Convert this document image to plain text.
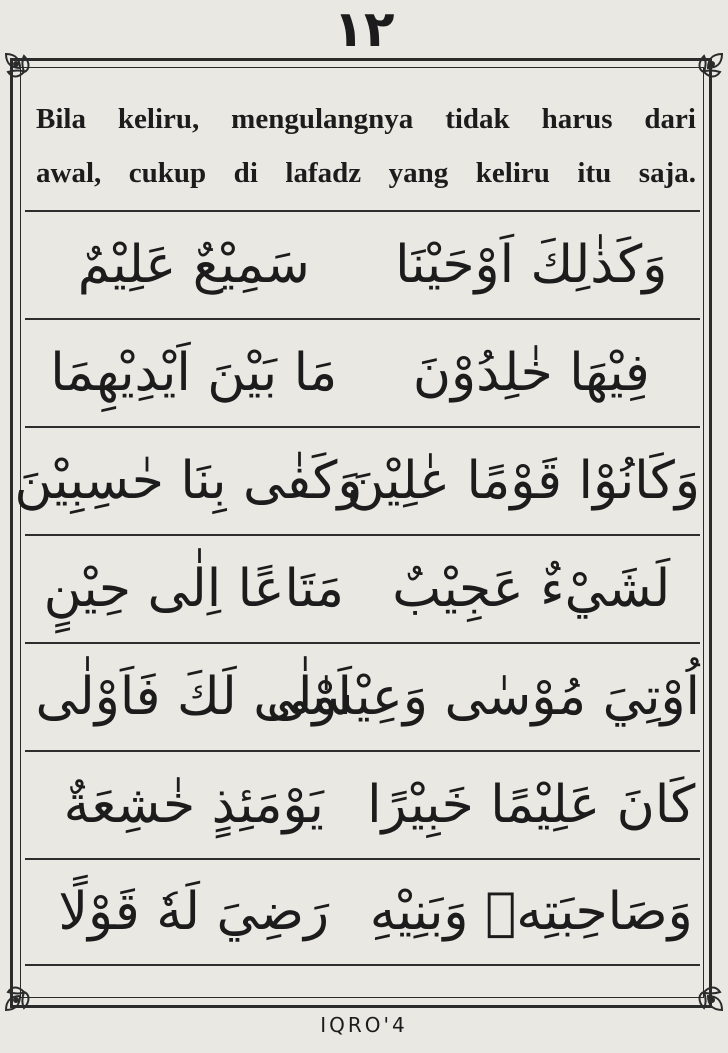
١٢
Bila keliru, mengulangnya tidak harus dari
awal, cukup di lafadz yang keliru itu saja.
وَكَذٰلِكَ اَوْحَيْنَا
سَمِيْعٌ عَلِيْمٌ
فِيْهَا خٰلِدُوْنَ
مَا بَيْنَ اَيْدِيْهِمَا
وَكَانُوْا قَوْمًا عٰلِيْنَ
وَكَفٰى بِنَا حٰسِبِيْنَ
لَشَيْءٌ عَجِيْبٌ
مَتَاعًا اِلٰى حِيْنٍ
اُوْتِيَ مُوْسٰى وَعِيْسٰى
اَوْلٰى لَكَ فَاَوْلٰى
كَانَ عَلِيْمًا خَبِيْرًا
يَوْمَئِذٍ خٰشِعَةٌ
وَصَاحِبَتِهٖ وَبَنِيْهِ
رَضِيَ لَهٗ قَوْلًا
IQRO'4
